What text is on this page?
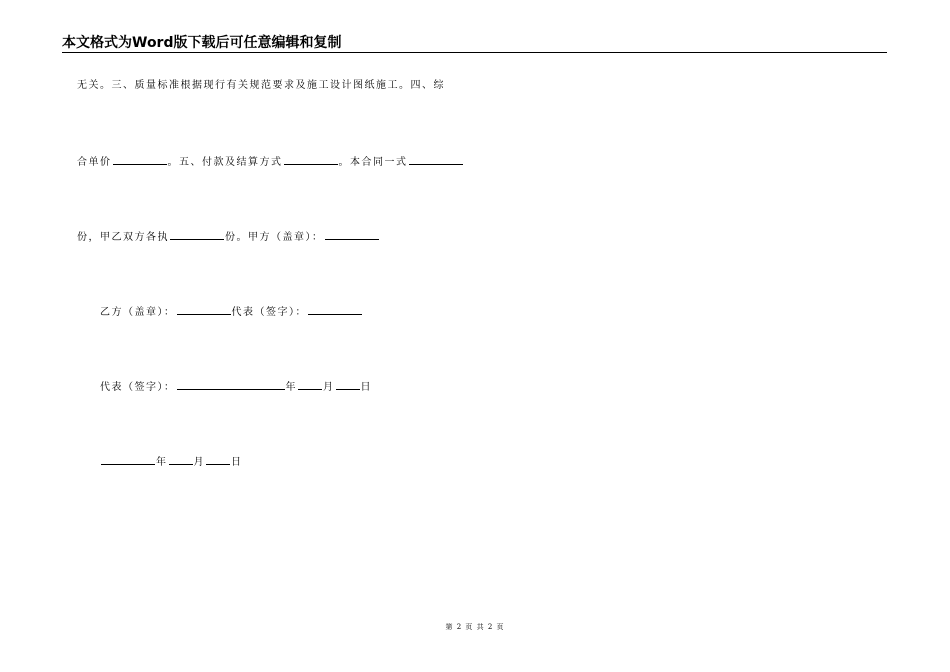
本文格式为Word版下载后可任意编辑和复制
无关。三、质量标准根据现行有关规范要求及施工设计图纸施工。四、综
合单价	。五、付款及结算方式	。本合同一式
份，甲乙双方各执	份。甲方（盖章）：
乙方（盖章）：	代表（签字）：
代表（签字）：	年	月	日
年	月	日
第 2 页 共 2 页
